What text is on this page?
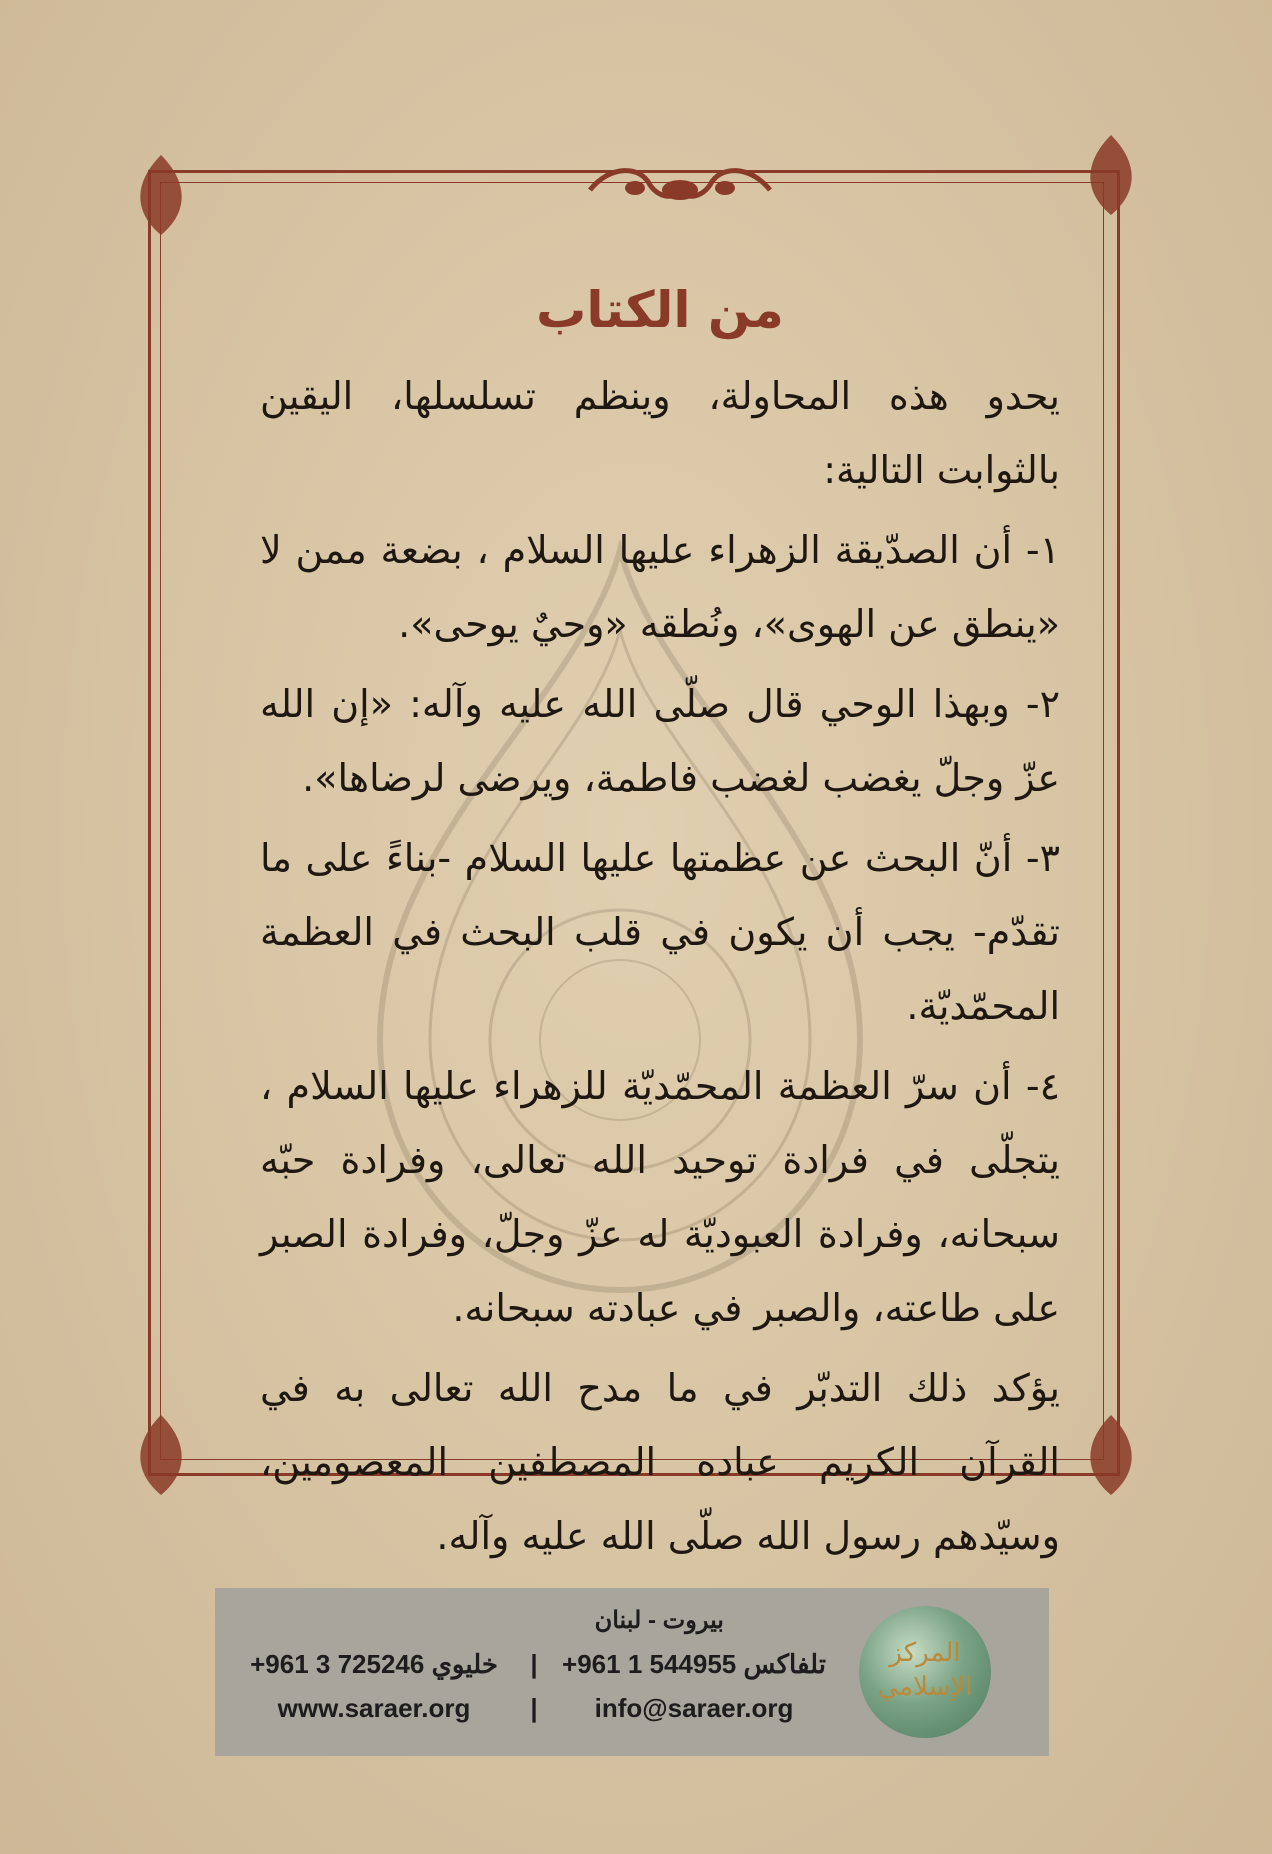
من الكتاب

يحدو هذه المحاولة، وينظم تسلسلها، اليقين بالثوابت التالية:

١- أن الصدّيقة الزهراء عليها السلام ، بضعة ممن لا «ينطق عن الهوى»، ونُطقه «وحيٌ يوحى».

٢- وبهذا الوحي قال صلّى الله عليه وآله: «إن الله عزّ وجلّ يغضب لغضب فاطمة، ويرضى لرضاها».

٣- أنّ البحث عن عظمتها عليها السلام -بناءً على ما تقدّم- يجب أن يكون في قلب البحث في العظمة المحمّديّة.

٤- أن سرّ العظمة المحمّديّة للزهراء عليها السلام ، يتجلّى في فرادة توحيد الله تعالى، وفرادة حبّه سبحانه، وفرادة العبوديّة له عزّ وجلّ، وفرادة الصبر على طاعته، والصبر في عبادته سبحانه.

يؤكد ذلك التدبّر في ما مدح الله تعالى به في القرآن الكريم عباده المصطفين المعصومين، وسيّدهم رسول الله صلّى الله عليه وآله.

المركز الإسلامي
بيروت - لبنان
تلفاكس +961 1 544955
|
خليوي +961 3 725246
info@saraer.org
|
www.saraer.org
